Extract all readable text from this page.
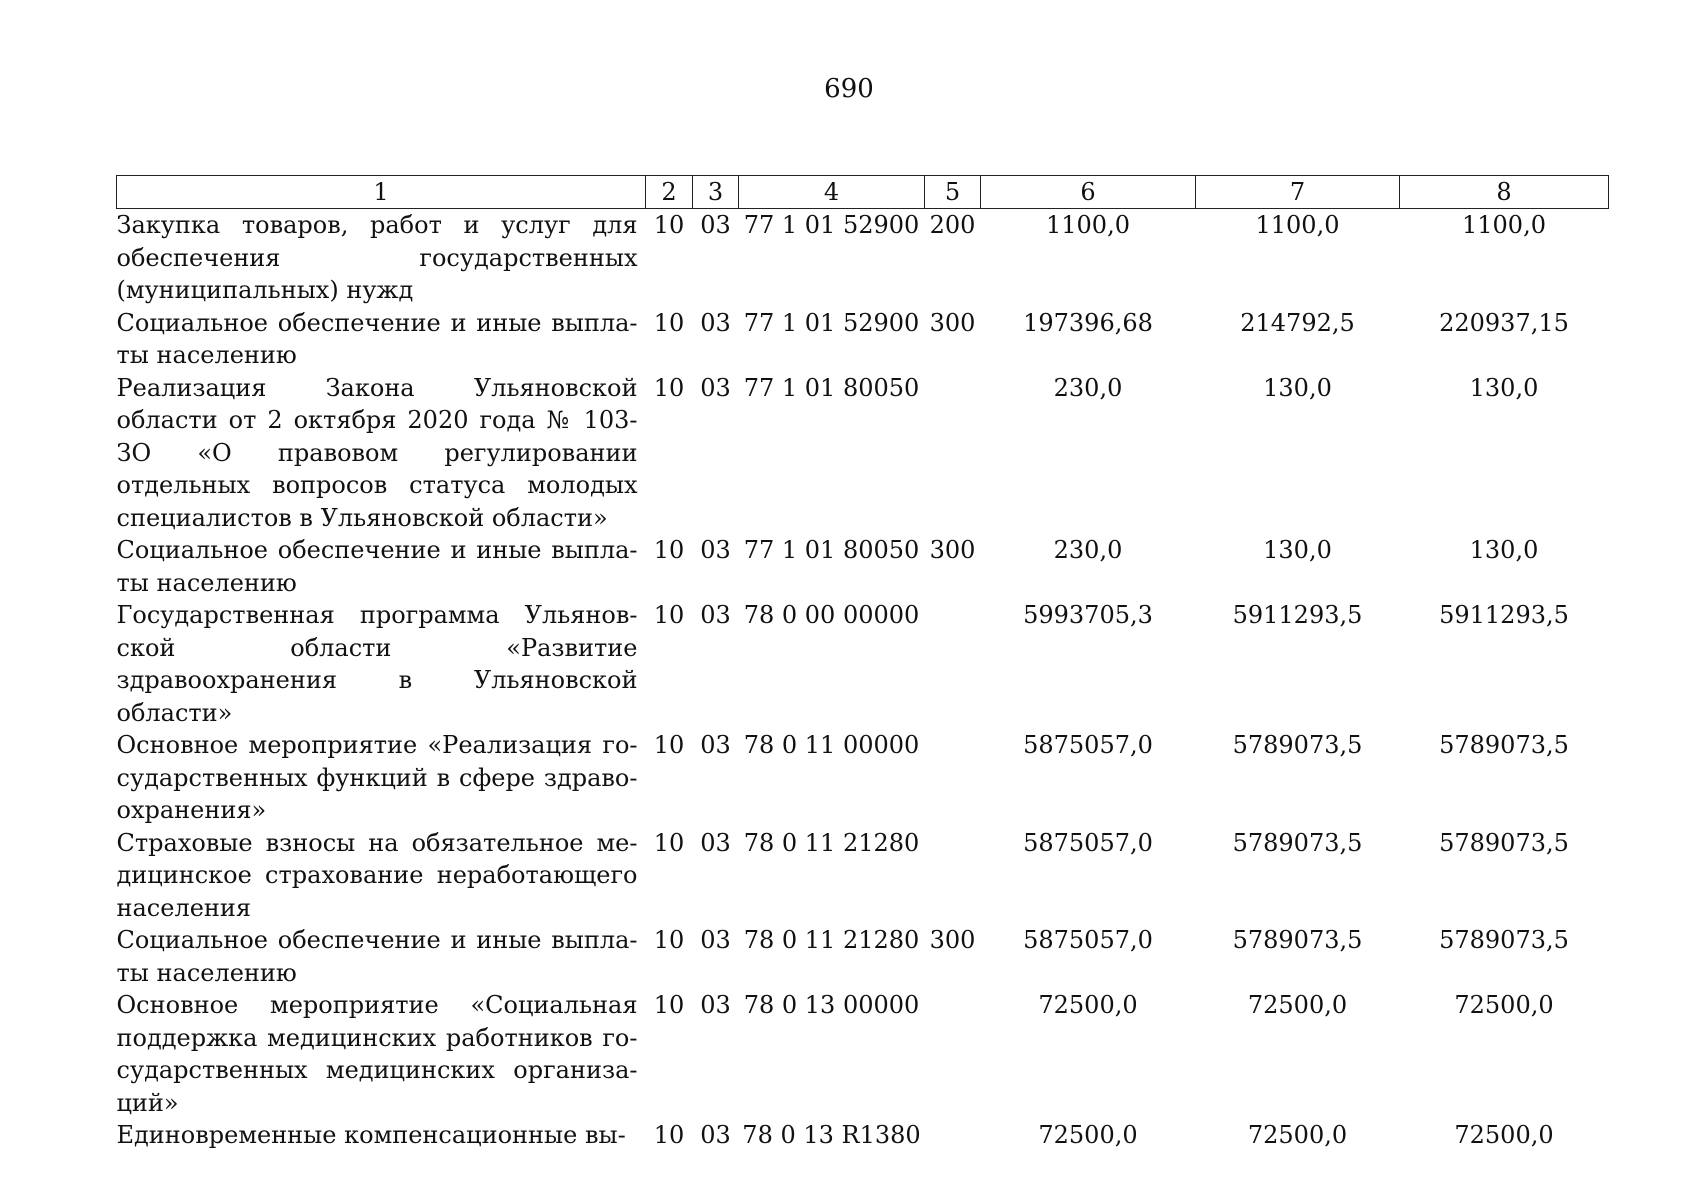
690
1	2	3	4	5	6	7	8
Закупка товаров, работ и услуг для обеспечения государственных (муниципальных) нужд	10	03	77 1 01 52900	200	1100,0	1100,0	1100,0
Социальное обеспечение и иные выплаты населению	10	03	77 1 01 52900	300	197396,68	214792,5	220937,15
Реализация Закона Ульяновской области от 2 октября 2020 года № 103-ЗО «О правовом регулировании отдельных вопросов статуса молодых специалистов в Ульяновской области»	10	03	77 1 01 80050		230,0	130,0	130,0
Социальное обеспечение и иные выплаты населению	10	03	77 1 01 80050	300	230,0	130,0	130,0
Государственная программа Ульяновской области «Развитие здравоохранения в Ульяновской области»	10	03	78 0 00 00000		5993705,3	5911293,5	5911293,5
Основное мероприятие «Реализация государственных функций в сфере здравоохранения»	10	03	78 0 11 00000		5875057,0	5789073,5	5789073,5
Страховые взносы на обязательное медицинское страхование неработающего населения	10	03	78 0 11 21280		5875057,0	5789073,5	5789073,5
Социальное обеспечение и иные выплаты населению	10	03	78 0 11 21280	300	5875057,0	5789073,5	5789073,5
Основное мероприятие «Социальная поддержка медицинских работников государственных медицинских организаций»	10	03	78 0 13 00000		72500,0	72500,0	72500,0
Единовременные компенсационные вы-	10	03	78 0 13 R1380		72500,0	72500,0	72500,0
